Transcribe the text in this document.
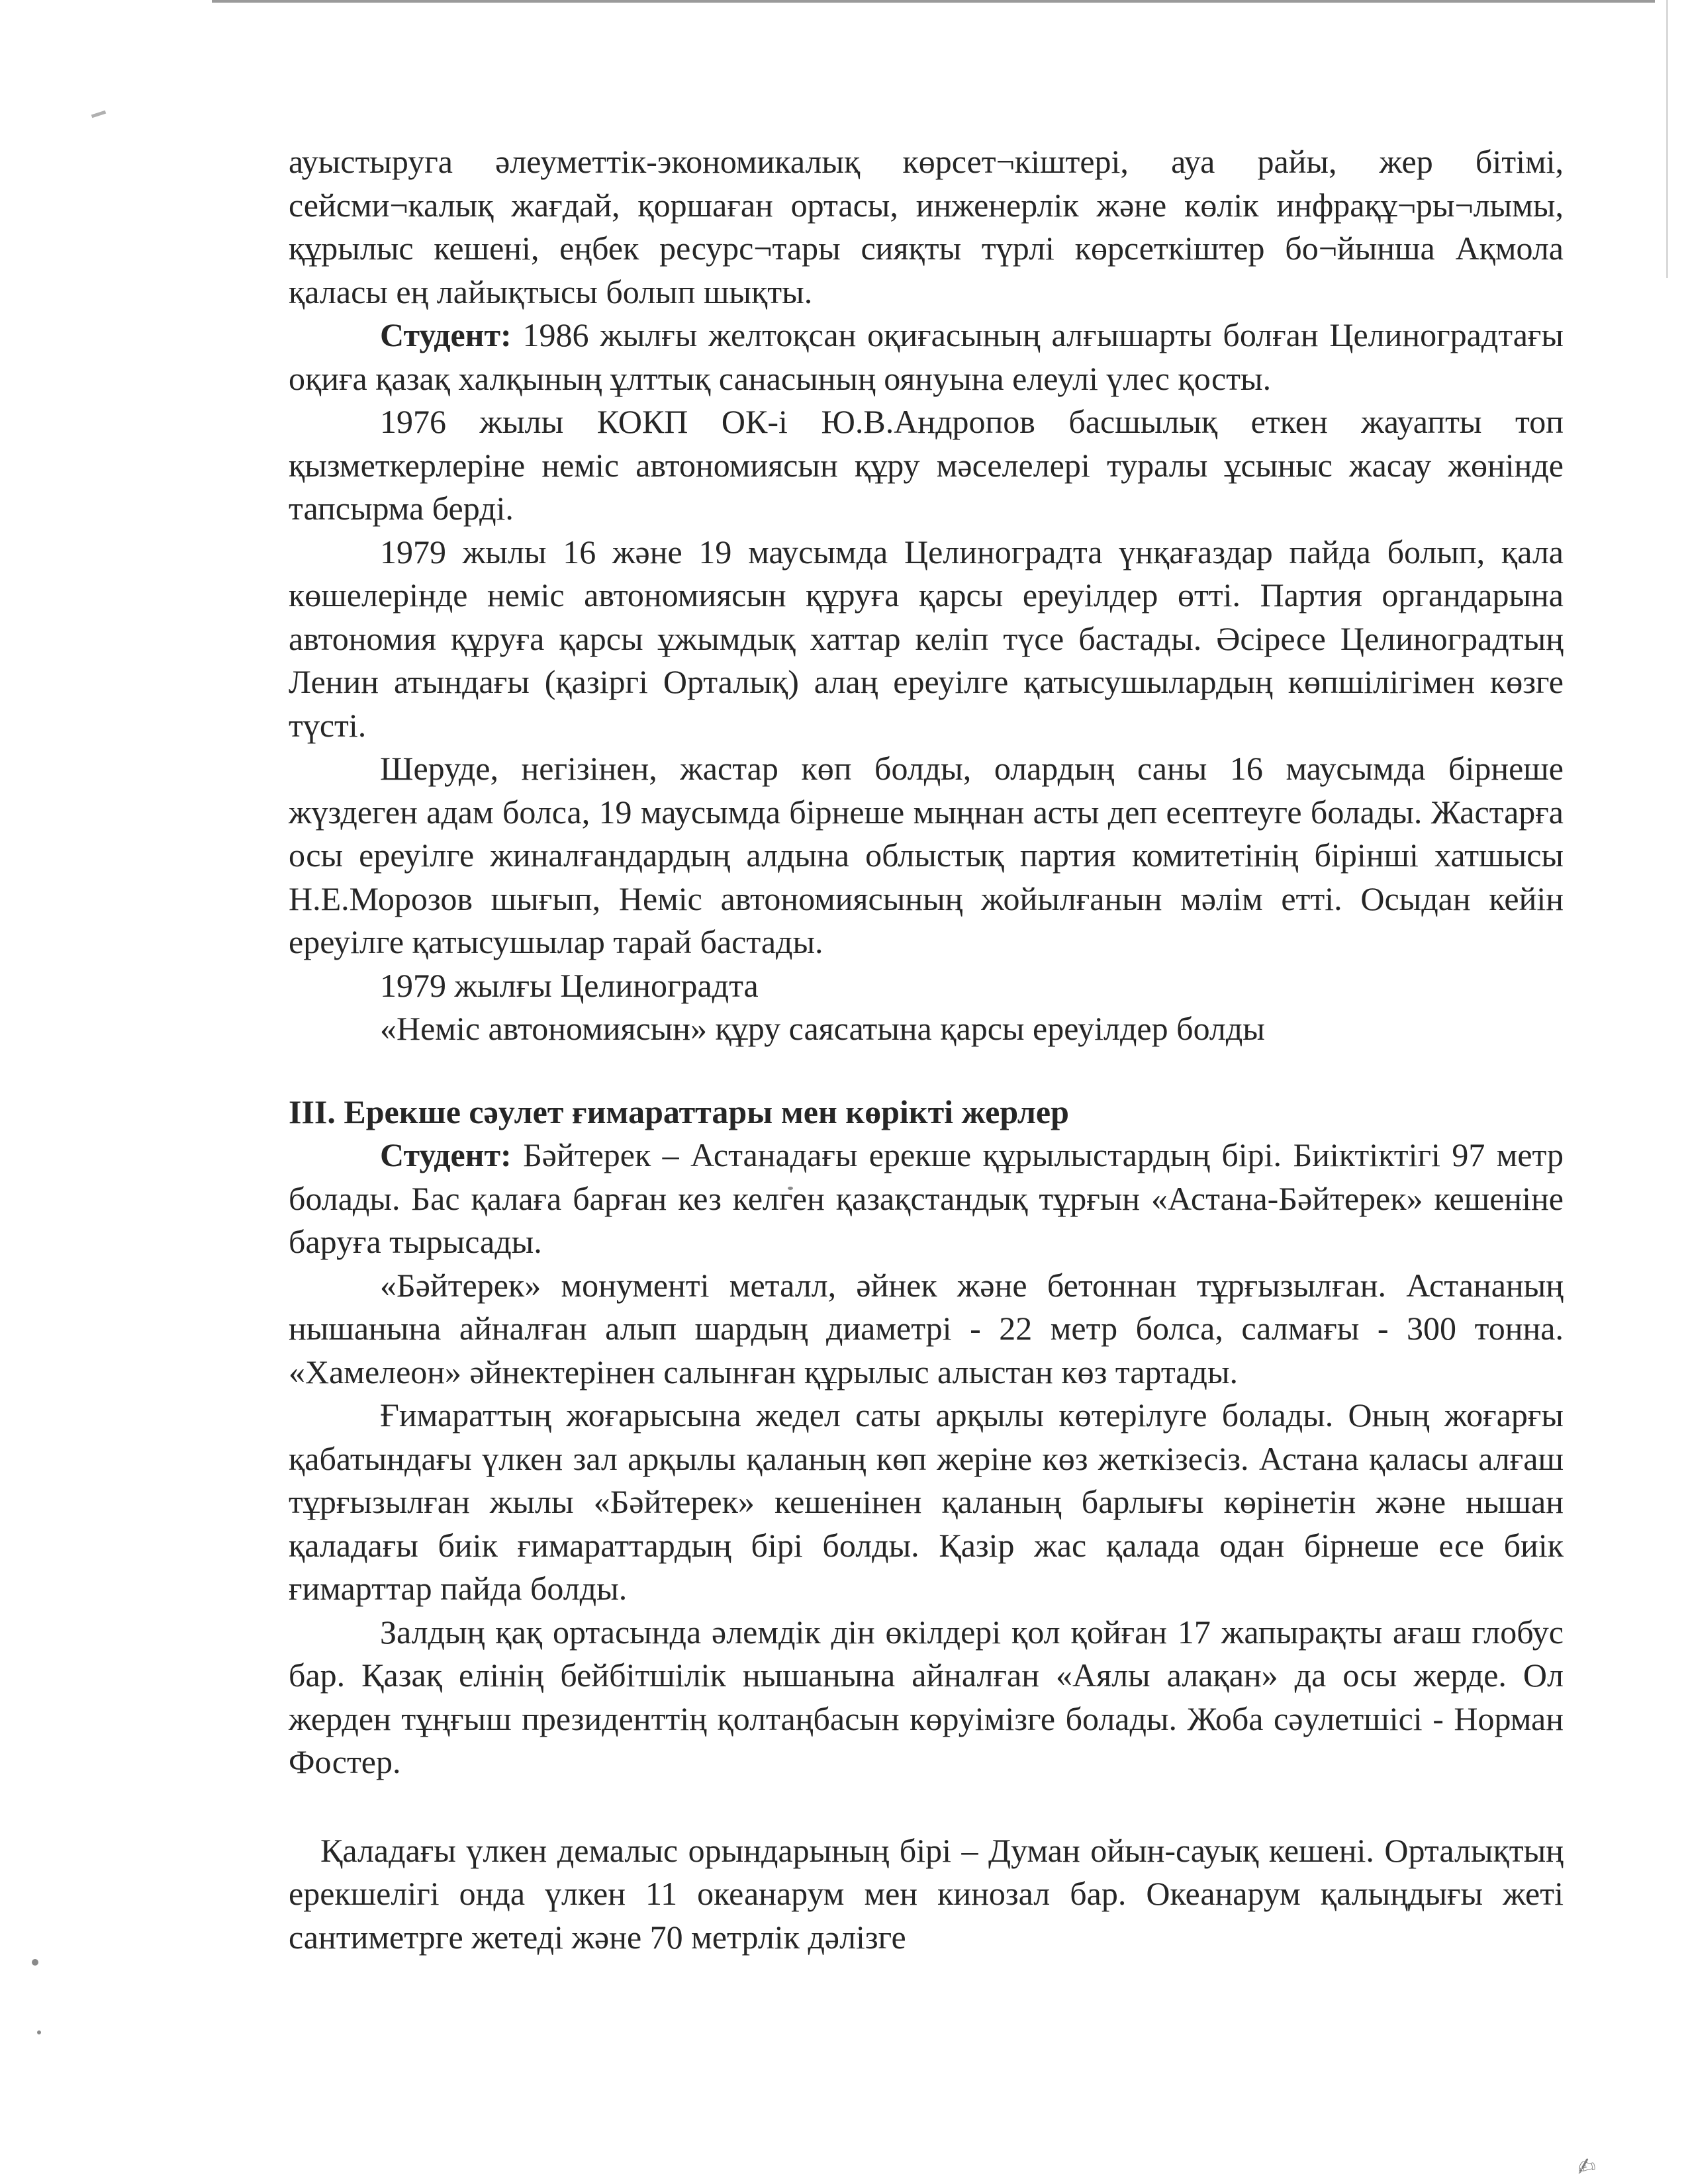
✍

ауыстыруга әлеуметтік-экономикалық көрсет¬кіштері, ауа райы, жер бітімі, сейсми¬калық жағдай, қоршаған ортасы, инженерлік және көлік инфрақұ¬ры¬лымы, құрылыс кешені, еңбек ресурс¬тары сияқты түрлі көрсеткіштер бо¬йынша Ақмола қаласы ең лайықтысы болып шықты.

Студент: 1986 жылғы желтоқсан оқиғасының алғышарты болған Целиноградтағы оқиға қазақ халқының ұлттық санасының оянуына елеулі үлес қосты.

1976 жылы КОКП ОК-і Ю.В.Андропов басшылық еткен жауапты топ қызметкерлеріне неміс автономиясын құру мәселелері туралы ұсыныс жасау жөнінде тапсырма берді.

1979 жылы 16 және 19 маусымда Целиноградта үнқағаздар пайда болып, қала көшелерінде неміс автономиясын құруға қарсы ереуілдер өтті. Партия органдарына автономия құруға қарсы ұжымдық хаттар келіп түсе бастады. Әсіресе Целиноградтың Ленин атындағы (қазіргі Орталық) алаң ереуілге қатысушылардың көпшілігімен көзге түсті.

Шеруде, негізінен, жастар көп болды, олардың саны 16 маусымда бірнеше жүздеген адам болса, 19 маусымда бірнеше мыңнан асты деп есептеуге болады. Жастарға осы ереуілге жиналғандардың алдына облыстық партия комитетінің бірінші хатшысы Н.Е.Морозов шығып, Неміс автономиясының жойылғанын мәлім етті. Осыдан кейін ереуілге қатысушылар тарай бастады.

1979 жылғы Целиноградта

«Неміс автономиясын» құру саясатына қарсы ереуілдер болды

III. Ерекше сәулет ғимараттары мен көрікті жерлер

Студент: Бәйтерек – Астанадағы ерекше құрылыстардың бірі. Биіктіктігі 97 метр болады. Бас қалаға барған кез келген қазақстандық тұрғын «Астана-Бәйтерек» кешеніне баруға тырысады.

«Бәйтерек» монументі металл, әйнек және бетоннан тұрғызылған. Астананың нышанына айналған алып шардың диаметрі - 22 метр болса, салмағы - 300 тонна. «Хамелеон» әйнектерінен салынған құрылыс алыстан көз тартады.

Ғимараттың жоғарысына жедел саты арқылы көтерілуге болады. Оның жоғарғы қабатындағы үлкен зал арқылы қаланың көп жеріне көз жеткізесіз. Астана қаласы алғаш тұрғызылған жылы «Бәйтерек» кешенінен қаланың барлығы көрінетін және нышан қаладағы биік ғимараттардың бірі болды. Қазір жас қалада одан бірнеше есе биік ғимарттар пайда болды.

Залдың қақ ортасында әлемдік дін өкілдері қол қойған 17 жапырақты ағаш глобус бар. Қазақ елінің бейбітшілік нышанына айналған «Аялы алақан» да осы жерде. Ол жерден тұңғыш президенттің қолтаңбасын көруімізге болады. Жоба сәулетшісі - Норман Фостер.

Қаладағы үлкен демалыс орындарының бірі – Думан ойын-сауық кешені. Орталықтың ерекшелігі онда үлкен 11 океанарум мен кинозал бар. Океанарум қалыңдығы жеті сантиметрге жетеді және 70 метрлік дәлізге
